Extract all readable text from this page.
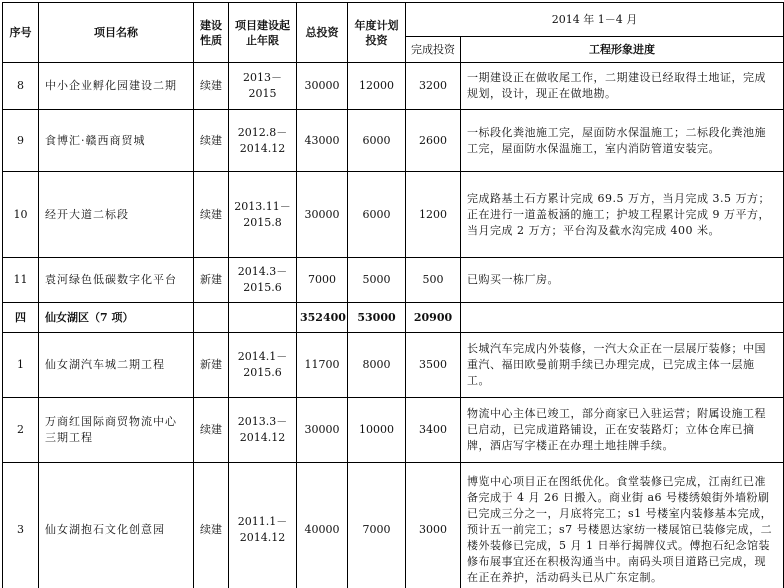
序号	项目名称	建设性质	项目建设起止年限	总投资	年度计划投资	2014 年 1－4 月	
						完成投资	工程形象进度
8	中小企业孵化园建设二期	续建	2013－2015	30000	12000	3200	一期建设正在做收尾工作，二期建设已经取得土地证，完成规划，设计，现正在做地勘。
9	食博汇·赣西商贸城	续建	2012.8－2014.12	43000	6000	2600	一标段化粪池施工完，屋面防水保温施工；二标段化粪池施工完，屋面防水保温施工，室内消防管道安装完。
10	经开大道二标段	续建	2013.11－2015.8	30000	6000	1200	完成路基土石方累计完成 69.5 万方，当月完成 3.5 万方；正在进行一道盖板涵的施工；护坡工程累计完成 9 万平方，当月完成 2 万方；平台沟及截水沟完成 400 米。
11	袁河绿色低碳数字化平台	新建	2014.3－2015.6	7000	5000	500	已购买一栋厂房。
四	仙女湖区（7 项）			352400	53000	20900	
1	仙女湖汽车城二期工程	新建	2014.1－2015.6	11700	8000	3500	长城汽车完成内外装修，一汽大众正在一层展厅装修；中国重汽、福田欧曼前期手续已办理完成，已完成主体一层施工。
2	万商红国际商贸物流中心三期工程	续建	2013.3－2014.12	30000	10000	3400	物流中心主体已竣工，部分商家已入驻运营；附属设施工程已启动，已完成道路铺设，正在安装路灯；立体仓库已摘牌，酒店写字楼正在办理土地挂牌手续。
3	仙女湖抱石文化创意园	续建	2011.1－2014.12	40000	7000	3000	博览中心项目正在图纸优化。食堂装修已完成，江南红已准备完成于 4 月 26 日搬入。商业街 a6 号楼绣娘街外墙粉刷已完成三分之一，月底将完工；s1 号楼室内装修基本完成，预计五一前完工；s7 号楼恩达家纺一楼展馆已装修完成，二楼外装修已完成，5 月 1 日举行揭牌仪式。傅抱石纪念馆装修布展事宜还在积极沟通当中。南码头项目道路已完成，现在正在养护，活动码头已从广东定制。
